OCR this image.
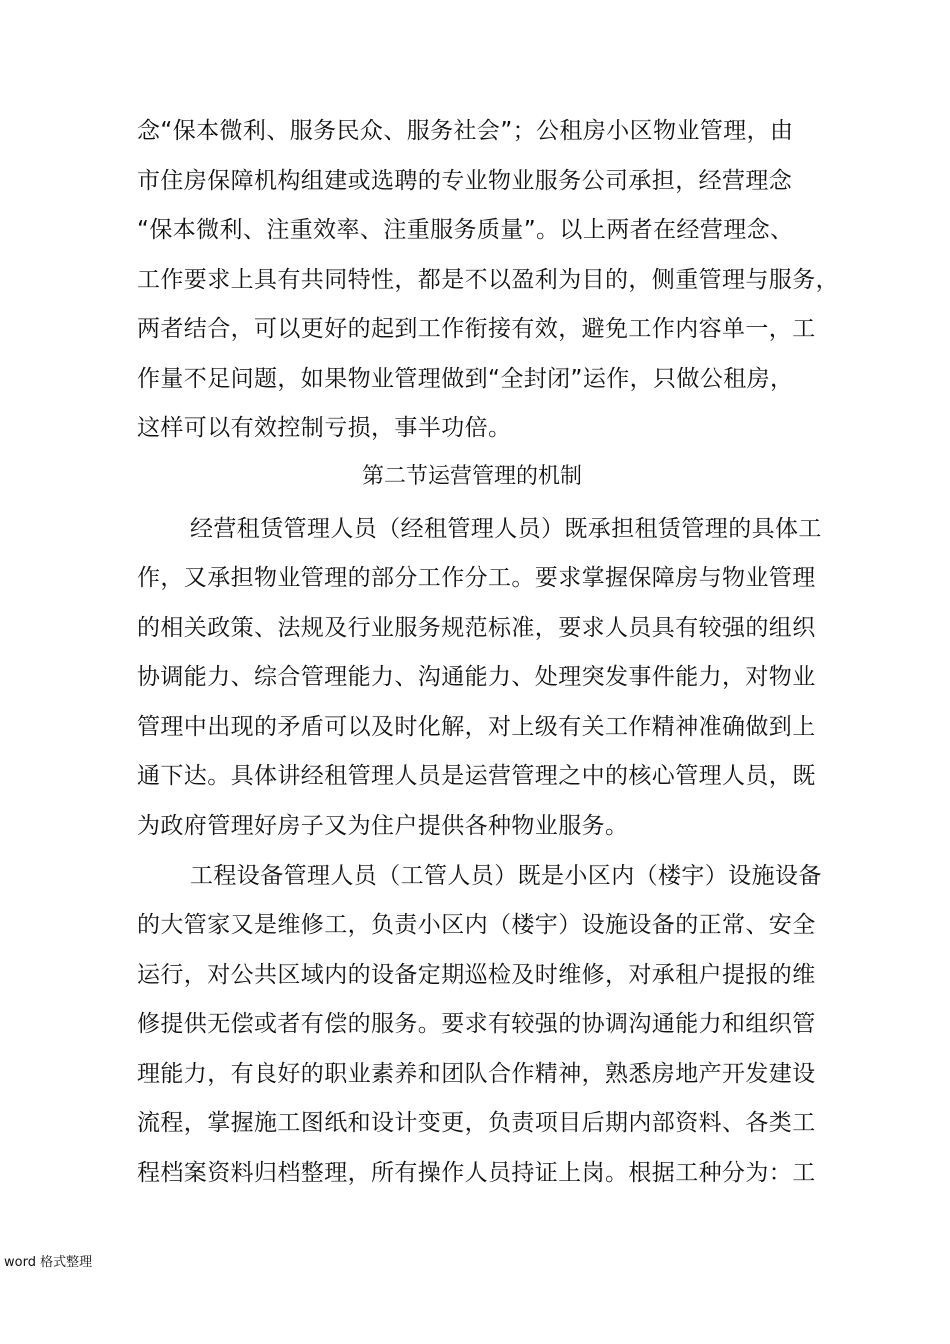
念“保本微利、服务民众、服务社会”；公租房小区物业管理，由
市住房保障机构组建或选聘的专业物业服务公司承担，经营理念
“保本微利、注重效率、注重服务质量”。以上两者在经营理念、
工作要求上具有共同特性，都是不以盈利为目的，侧重管理与服务，
两者结合，可以更好的起到工作衔接有效，避免工作内容单一，工
作量不足问题，如果物业管理做到“全封闭”运作，只做公租房，
这样可以有效控制亏损，事半功倍。
第二节运营管理的机制
经营租赁管理人员（经租管理人员）既承担租赁管理的具体工
作，又承担物业管理的部分工作分工。要求掌握保障房与物业管理
的相关政策、法规及行业服务规范标准，要求人员具有较强的组织
协调能力、综合管理能力、沟通能力、处理突发事件能力，对物业
管理中出现的矛盾可以及时化解，对上级有关工作精神准确做到上
通下达。具体讲经租管理人员是运营管理之中的核心管理人员，既
为政府管理好房子又为住户提供各种物业服务。
工程设备管理人员（工管人员）既是小区内（楼宇）设施设备
的大管家又是维修工，负责小区内（楼宇）设施设备的正常、安全
运行，对公共区域内的设备定期巡检及时维修，对承租户提报的维
修提供无偿或者有偿的服务。要求有较强的协调沟通能力和组织管
理能力，有良好的职业素养和团队合作精神，熟悉房地产开发建设
流程，掌握施工图纸和设计变更，负责项目后期内部资料、各类工
程档案资料归档整理，所有操作人员持证上岗。根据工种分为：工
word 格式整理
